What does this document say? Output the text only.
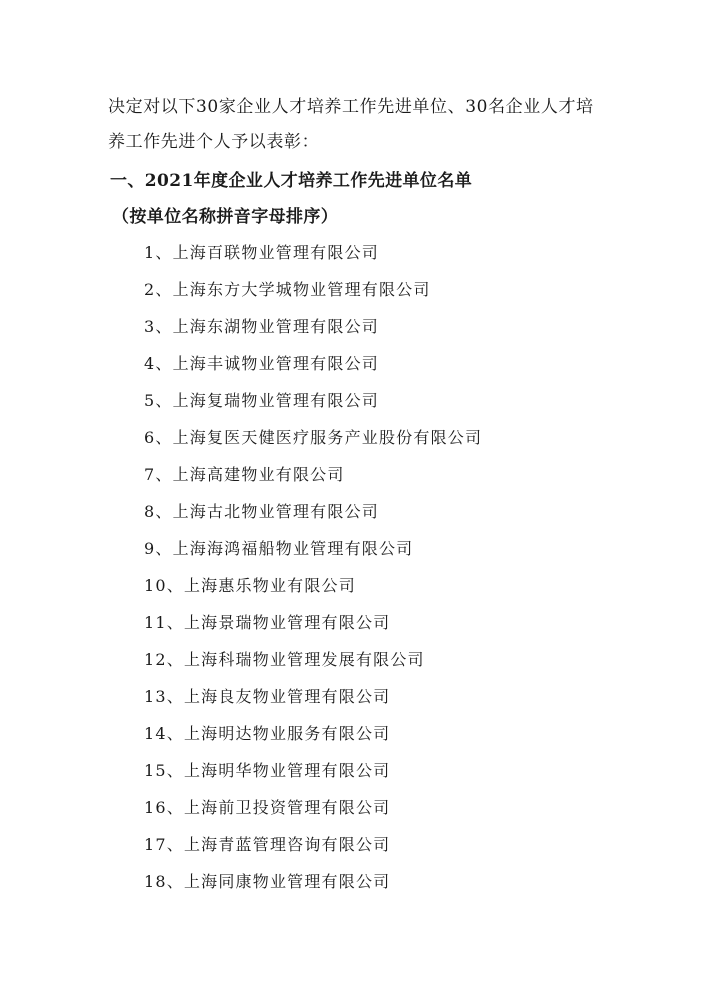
决定对以下30家企业人才培养工作先进单位、30名企业人才培

养工作先进个人予以表彰：

一、2021年度企业人才培养工作先进单位名单
（按单位名称拼音字母排序）
1、上海百联物业管理有限公司
2、上海东方大学城物业管理有限公司
3、上海东湖物业管理有限公司
4、上海丰诚物业管理有限公司
5、上海复瑞物业管理有限公司
6、上海复医天健医疗服务产业股份有限公司
7、上海高建物业有限公司
8、上海古北物业管理有限公司
9、上海海鸿福船物业管理有限公司
10、上海惠乐物业有限公司
11、上海景瑞物业管理有限公司
12、上海科瑞物业管理发展有限公司
13、上海良友物业管理有限公司
14、上海明达物业服务有限公司
15、上海明华物业管理有限公司
16、上海前卫投资管理有限公司
17、上海青蓝管理咨询有限公司
18、上海同康物业管理有限公司
